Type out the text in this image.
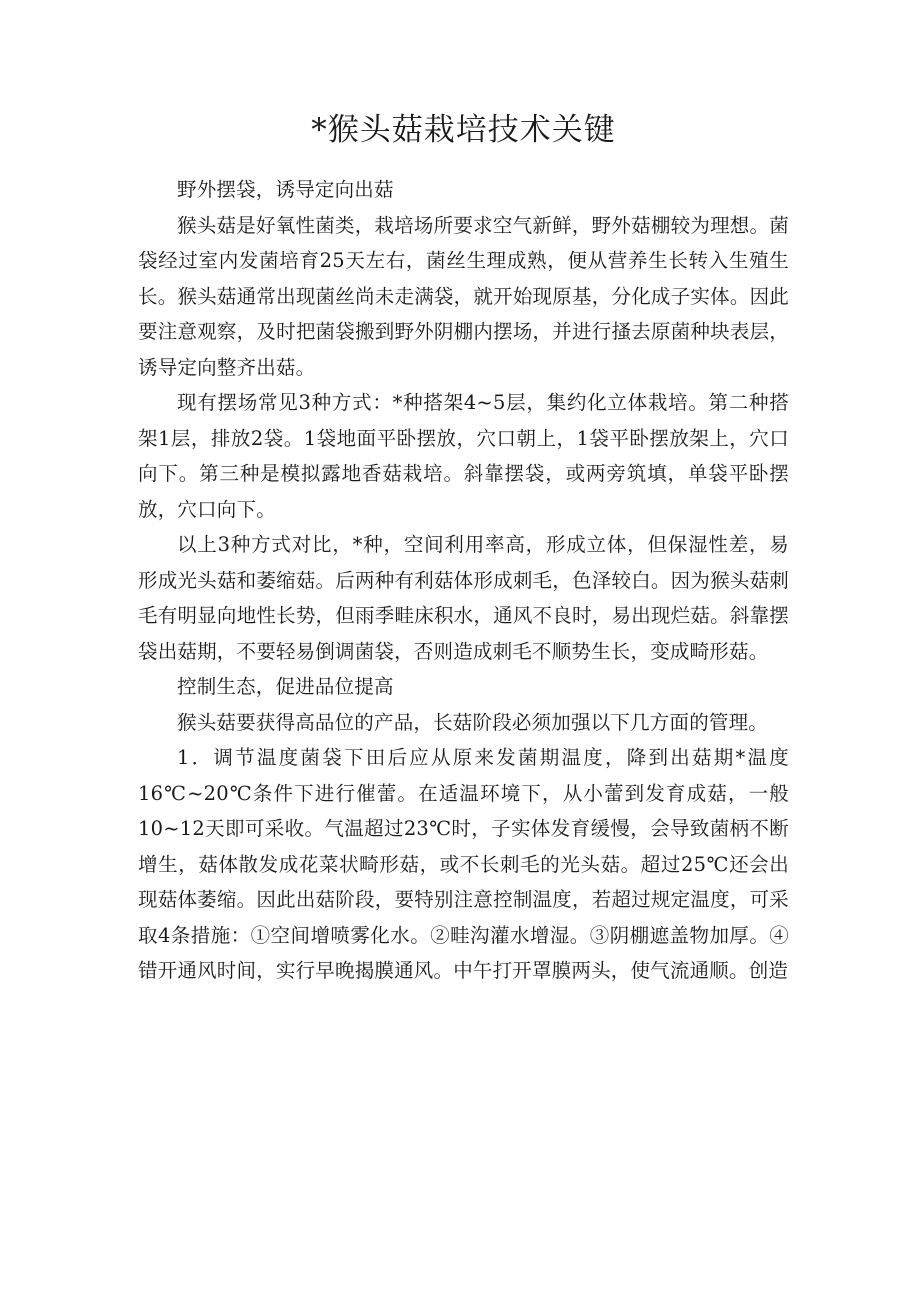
*猴头菇栽培技术关键

野外摆袋，诱导定向出菇

猴头菇是好氧性菌类，栽培场所要求空气新鲜，野外菇棚较为理想。菌袋经过室内发菌培育25天左右，菌丝生理成熟，便从营养生长转入生殖生长。猴头菇通常出现菌丝尚未走满袋，就开始现原基，分化成子实体。因此要注意观察，及时把菌袋搬到野外阴棚内摆场，并进行搔去原菌种块表层，诱导定向整齐出菇。

现有摆场常见3种方式：*种搭架4~5层，集约化立体栽培。第二种搭架1层，排放2袋。1袋地面平卧摆放，穴口朝上，1袋平卧摆放架上，穴口向下。第三种是模拟露地香菇栽培。斜靠摆袋，或两旁筑填，单袋平卧摆放，穴口向下。

以上3种方式对比，*种，空间利用率高，形成立体，但保湿性差，易形成光头菇和萎缩菇。后两种有利菇体形成刺毛，色泽较白。因为猴头菇刺毛有明显向地性长势，但雨季畦床积水，通风不良时，易出现烂菇。斜靠摆袋出菇期，不要轻易倒调菌袋，否则造成刺毛不顺势生长，变成畸形菇。

控制生态，促进品位提高

猴头菇要获得高品位的产品，长菇阶段必须加强以下几方面的管理。

1．调节温度菌袋下田后应从原来发菌期温度，降到出菇期*温度16℃~20℃条件下进行催蕾。在适温环境下，从小蕾到发育成菇，一般10~12天即可采收。气温超过23℃时，子实体发育缓慢，会导致菌柄不断增生，菇体散发成花菜状畸形菇，或不长刺毛的光头菇。超过25℃还会出现菇体萎缩。因此出菇阶段，要特别注意控制温度，若超过规定温度，可采取4条措施：①空间增喷雾化水。②畦沟灌水增湿。③阴棚遮盖物加厚。④错开通风时间，实行早晚揭膜通风。中午打开罩膜两头，使气流通顺。创造
